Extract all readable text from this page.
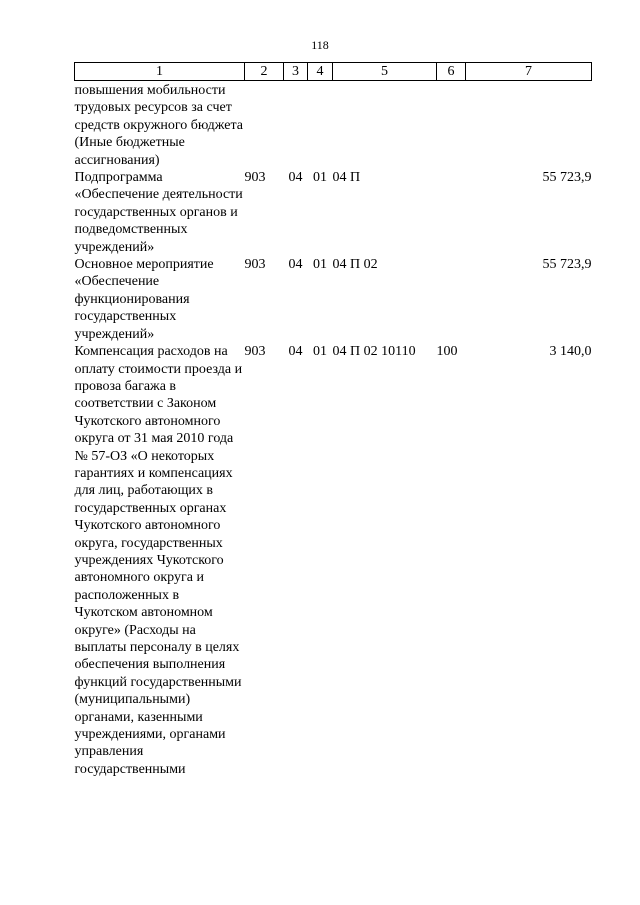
118
1	2	3	4	5	6	7
повышения мобильности трудовых ресурсов за счет средств окружного бюджета (Иные бюджетные ассигнования)						
Подпрограмма «Обеспечение деятельности государственных органов и подведомственных учреждений»	903	04	01	04 П		55 723,9
Основное мероприятие «Обеспечение функционирования государственных учреждений»	903	04	01	04 П 02		55 723,9
Компенсация расходов на оплату стоимости проезда и провоза багажа в соответствии с Законом Чукотского автономного округа от 31 мая 2010 года № 57-ОЗ «О некоторых гарантиях и компенсациях для лиц, работающих в государственных органах Чукотского автономного округа, государственных учреждениях Чукотского автономного округа и расположенных в Чукотском автономном округе» (Расходы на выплаты персоналу в целях обеспечения выполнения функций государственными (муниципальными) органами, казенными учреждениями, органами управления государственными	903	04	01	04 П 02 10110	100	3 140,0
